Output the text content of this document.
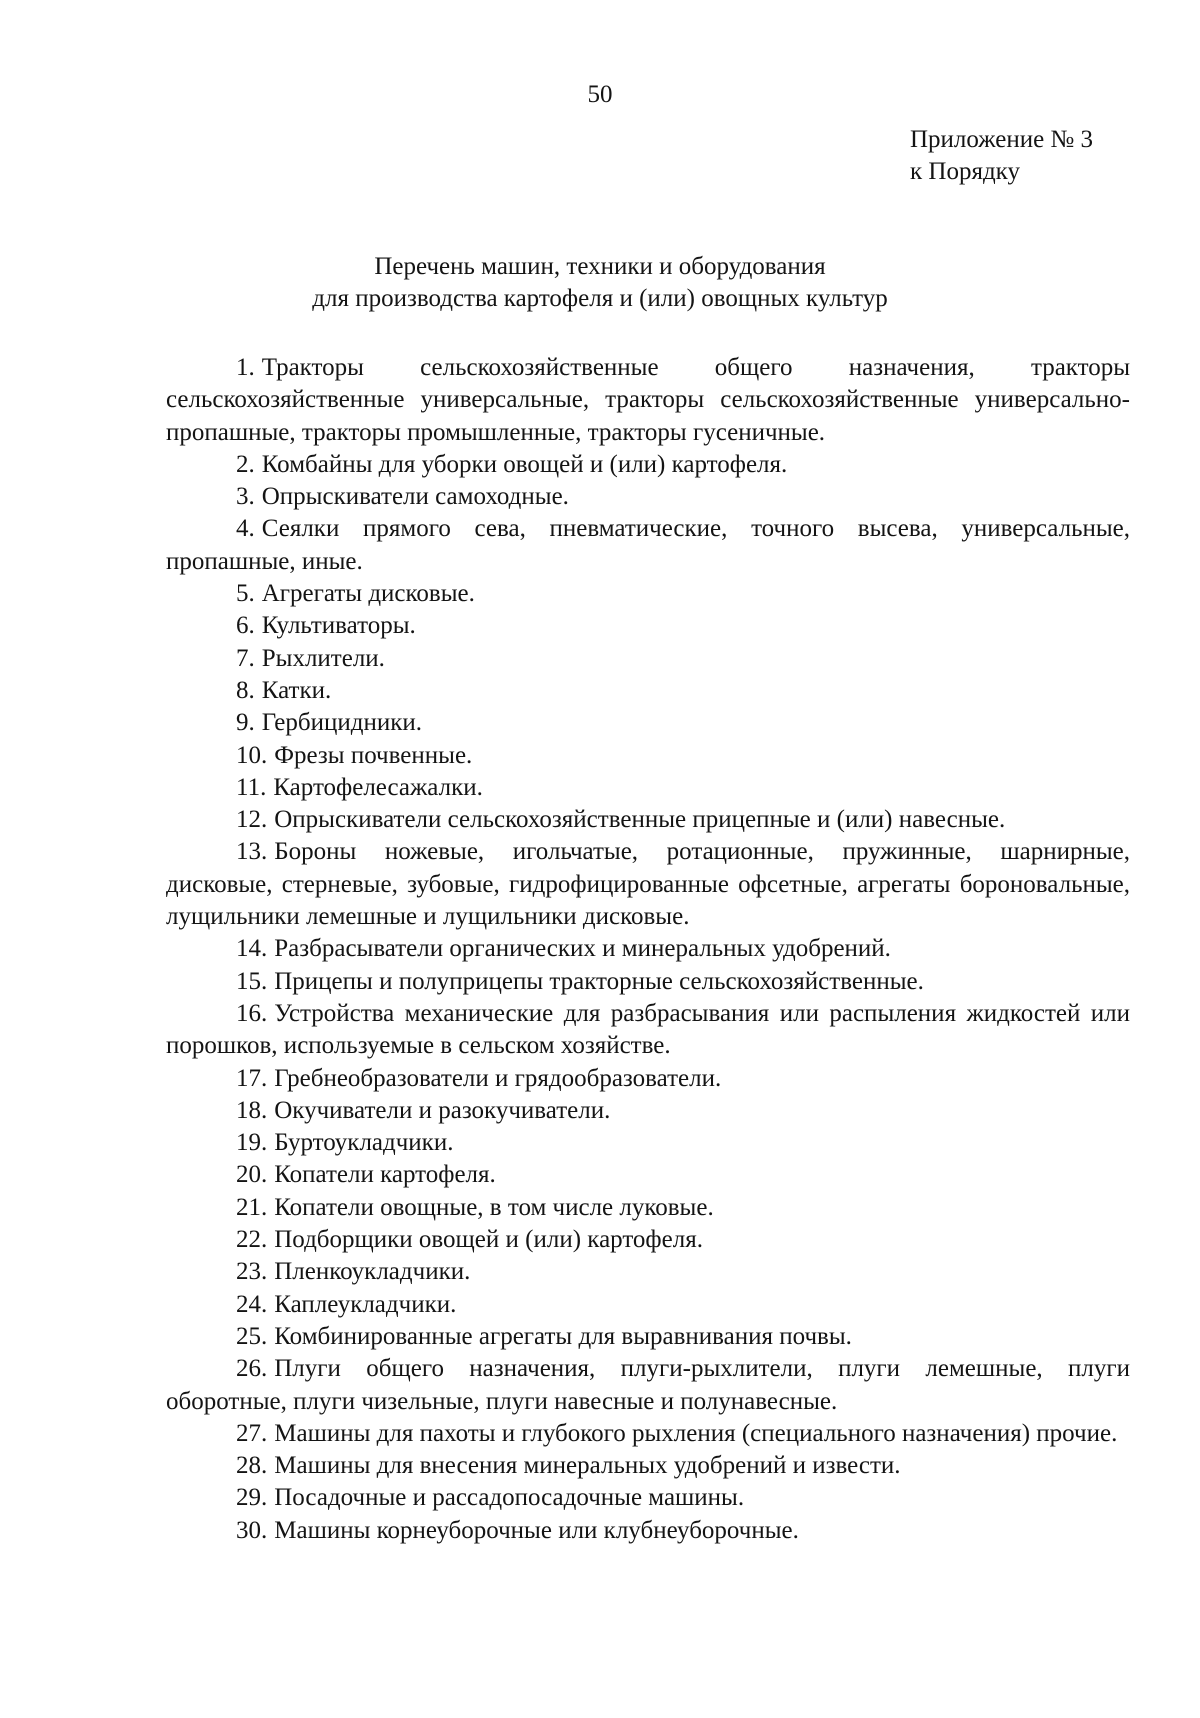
50
Приложение № 3
к Порядку
Перечень машин, техники и оборудования
для производства картофеля и (или) овощных культур

1. Тракторы сельскохозяйственные общего назначения, тракторы сельскохозяйственные универсальные, тракторы сельскохозяйственные универсально-пропашные, тракторы промышленные, тракторы гусеничные.

2. Комбайны для уборки овощей и (или) картофеля.

3. Опрыскиватели самоходные.

4. Сеялки прямого сева, пневматические, точного высева, универсальные, пропашные, иные.

5. Агрегаты дисковые.

6. Культиваторы.

7. Рыхлители.

8. Катки.

9. Гербицидники.

10. Фрезы почвенные.

11. Картофелесажалки.

12. Опрыскиватели сельскохозяйственные прицепные и (или) навесные.

13. Бороны ножевые, игольчатые, ротационные, пружинные, шарнирные, дисковые, стерневые, зубовые, гидрофицированные офсетные, агрегаты бороновальные, лущильники лемешные и лущильники дисковые.

14. Разбрасыватели органических и минеральных удобрений.

15. Прицепы и полуприцепы тракторные сельскохозяйственные.

16. Устройства механические для разбрасывания или распыления жидкостей или порошков, используемые в сельском хозяйстве.

17. Гребнеобразователи и грядообразователи.

18. Окучиватели и разокучиватели.

19. Буртоукладчики.

20. Копатели картофеля.

21. Копатели овощные, в том числе луковые.

22. Подборщики овощей и (или) картофеля.

23. Пленкоукладчики.

24. Каплеукладчики.

25. Комбинированные агрегаты для выравнивания почвы.

26. Плуги общего назначения, плуги-рыхлители, плуги лемешные, плуги оборотные, плуги чизельные, плуги навесные и полунавесные.

27. Машины для пахоты и глубокого рыхления (специального назначения) прочие.

28. Машины для внесения минеральных удобрений и извести.

29. Посадочные и рассадопосадочные машины.

30. Машины корнеуборочные или клубнеуборочные.
